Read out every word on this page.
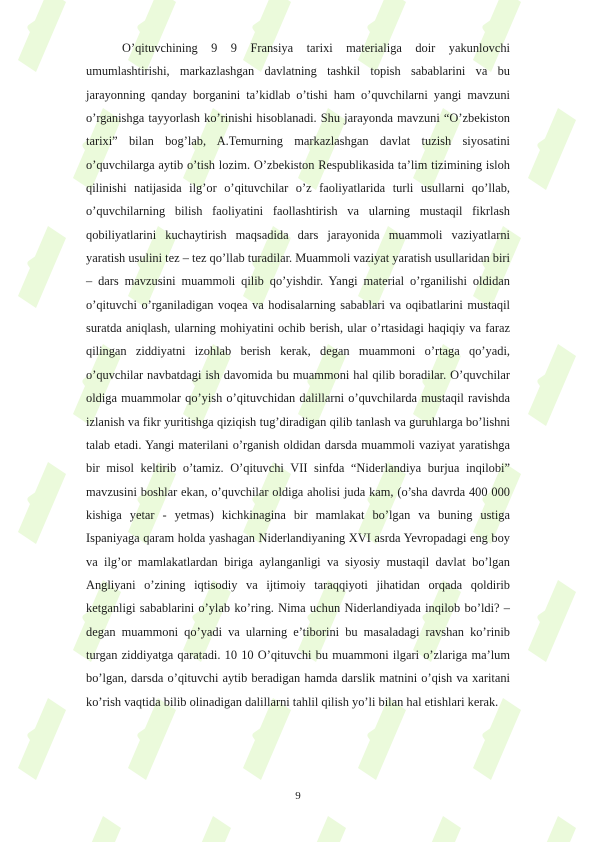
O’qituvchining 9 9 Fransiya tarixi materialiga doir yakunlovchi umumlashtirishi, markazlashgan davlatning tashkil topish sabablarini va bu jarayonning qanday borganini ta’kidlab o’tishi ham o’quvchilarni yangi mavzuni o’rganishga tayyorlash ko’rinishi hisoblanadi. Shu jarayonda mavzuni “O’zbekiston tarixi” bilan bog’lab, A.Temurning markazlashgan davlat tuzish siyosatini o’quvchilarga aytib o’tish lozim. O’zbekiston Respublikasida ta’lim tizimining isloh qilinishi natijasida ilg’or o’qituvchilar o’z faoliyatlarida turli usullarni qo’llab, o’quvchilarning bilish faoliyatini faollashtirish va ularning mustaqil fikrlash qobiliyatlarini kuchaytirish maqsadida dars jarayonida muammoli vaziyatlarni yaratish usulini tez – tez qo’llab turadilar. Muammoli vaziyat yaratish usullaridan biri – dars mavzusini muammoli qilib qo’yishdir. Yangi material o’rganilishi oldidan o’qituvchi o’rganiladigan voqea va hodisalarning sabablari va oqibatlarini mustaqil suratda aniqlash, ularning mohiyatini ochib berish, ular o’rtasidagi haqiqiy va faraz qilingan ziddiyatni izohlab berish kerak, degan muammoni o’rtaga qo’yadi, o’quvchilar navbatdagi ish davomida bu muammoni hal qilib boradilar. O’quvchilar oldiga muammolar qo’yish o’qituvchidan dalillarni o’quvchilarda mustaqil ravishda izlanish va fikr yuritishga qiziqish tug’diradigan qilib tanlash va guruhlarga bo’lishni talab etadi. Yangi materilani o’rganish oldidan darsda muammoli vaziyat yaratishga bir misol keltirib o’tamiz. O’qituvchi VII sinfda “Niderlandiya burjua inqilobi” mavzusini boshlar ekan, o’quvchilar oldiga aholisi juda kam, (o’sha davrda 400 000 kishiga yetar - yetmas) kichkinagina bir mamlakat bo’lgan va buning ustiga Ispaniyaga qaram holda yashagan Niderlandiyaning XVI asrda Yevropadagi eng boy va ilg’or mamlakatlardan biriga aylanganligi va siyosiy mustaqil davlat bo’lgan Angliyani o’zining iqtisodiy va ijtimoiy taraqqiyoti jihatidan orqada qoldirib ketganligi sabablarini o’ylab ko’ring. Nima uchun Niderlandiyada inqilob bo’ldi? – degan muammoni qo’yadi va ularning e’tiborini bu masaladagi ravshan ko’rinib turgan ziddiyatga qaratadi. 10 10 O’qituvchi bu muammoni ilgari o’zlariga ma’lum bo’lgan, darsda o’qituvchi aytib beradigan hamda darslik matnini o’qish va xaritani ko’rish vaqtida bilib olinadigan dalillarni tahlil qilish yo’li bilan hal etishlari kerak.

9
